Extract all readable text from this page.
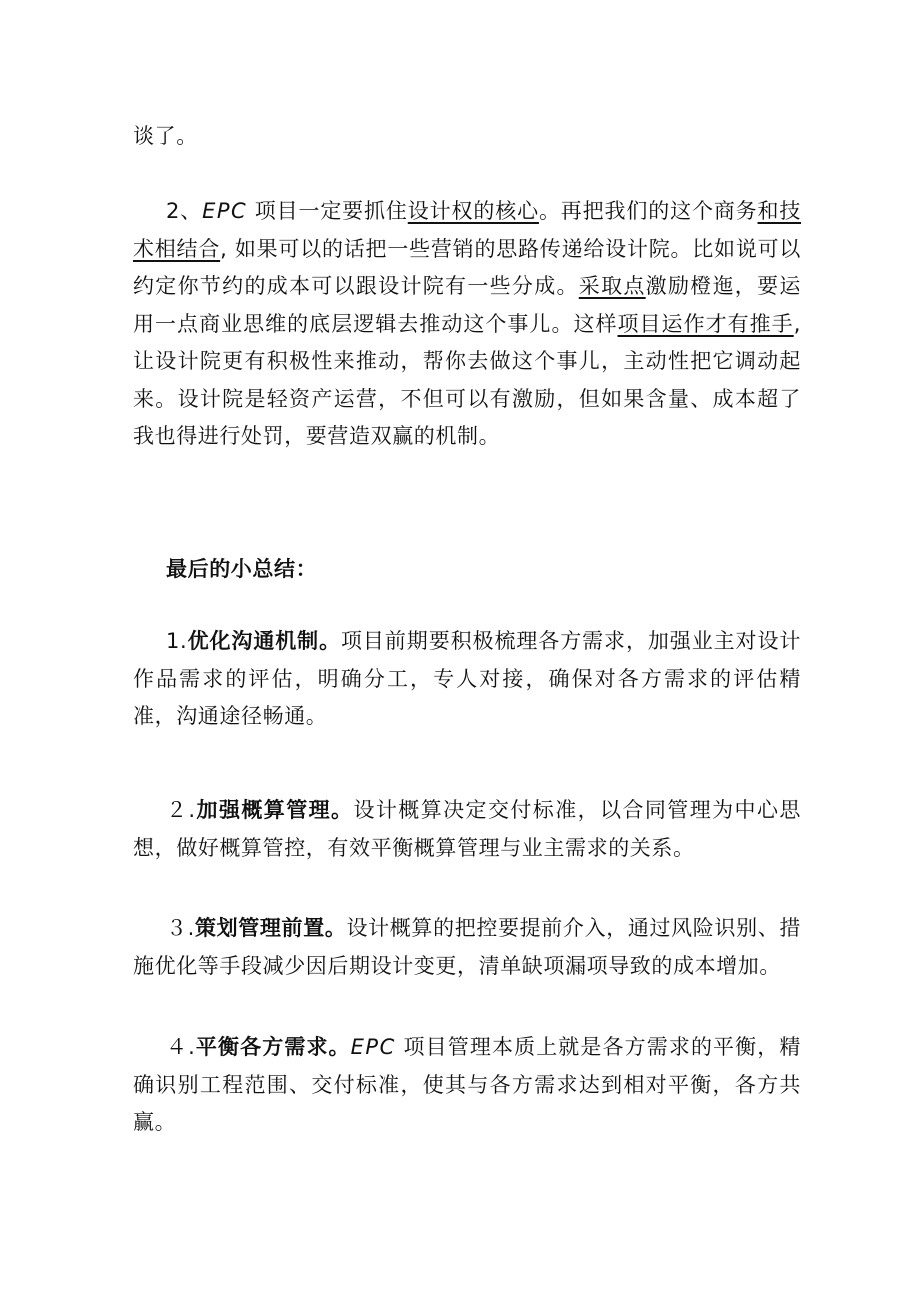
谈了。

2、EPC 项目一定要抓住设计权的核心。再把我们的这个商务和技术相结合, 如果可以的话把一些营销的思路传递给设计院。比如说可以约定你节约的成本可以跟设计院有一些分成。采取点激励橙迤，要运用一点商业思维的底层逻辑去推动这个事儿。这样项目运作才有推手, 让设计院更有积极性来推动，帮你去做这个事儿，主动性把它调动起来。设计院是轻资产运营，不但可以有激励，但如果含量、成本超了我也得进行处罚，要营造双赢的机制。

最后的小总结：

1.优化沟通机制。项目前期要积极梳理各方需求，加强业主对设计作品需求的评估，明确分工，专人对接，确保对各方需求的评估精准，沟通途径畅通。

２.加强概算管理。设计概算决定交付标准，以合同管理为中心思想，做好概算管控，有效平衡概算管理与业主需求的关系。

３.策划管理前置。设计概算的把控要提前介入，通过风险识别、措施优化等手段减少因后期设计变更，清单缺项漏项导致的成本增加。

４.平衡各方需求。EPC 项目管理本质上就是各方需求的平衡，精确识别工程范围、交付标准，使其与各方需求达到相对平衡，各方共赢。
